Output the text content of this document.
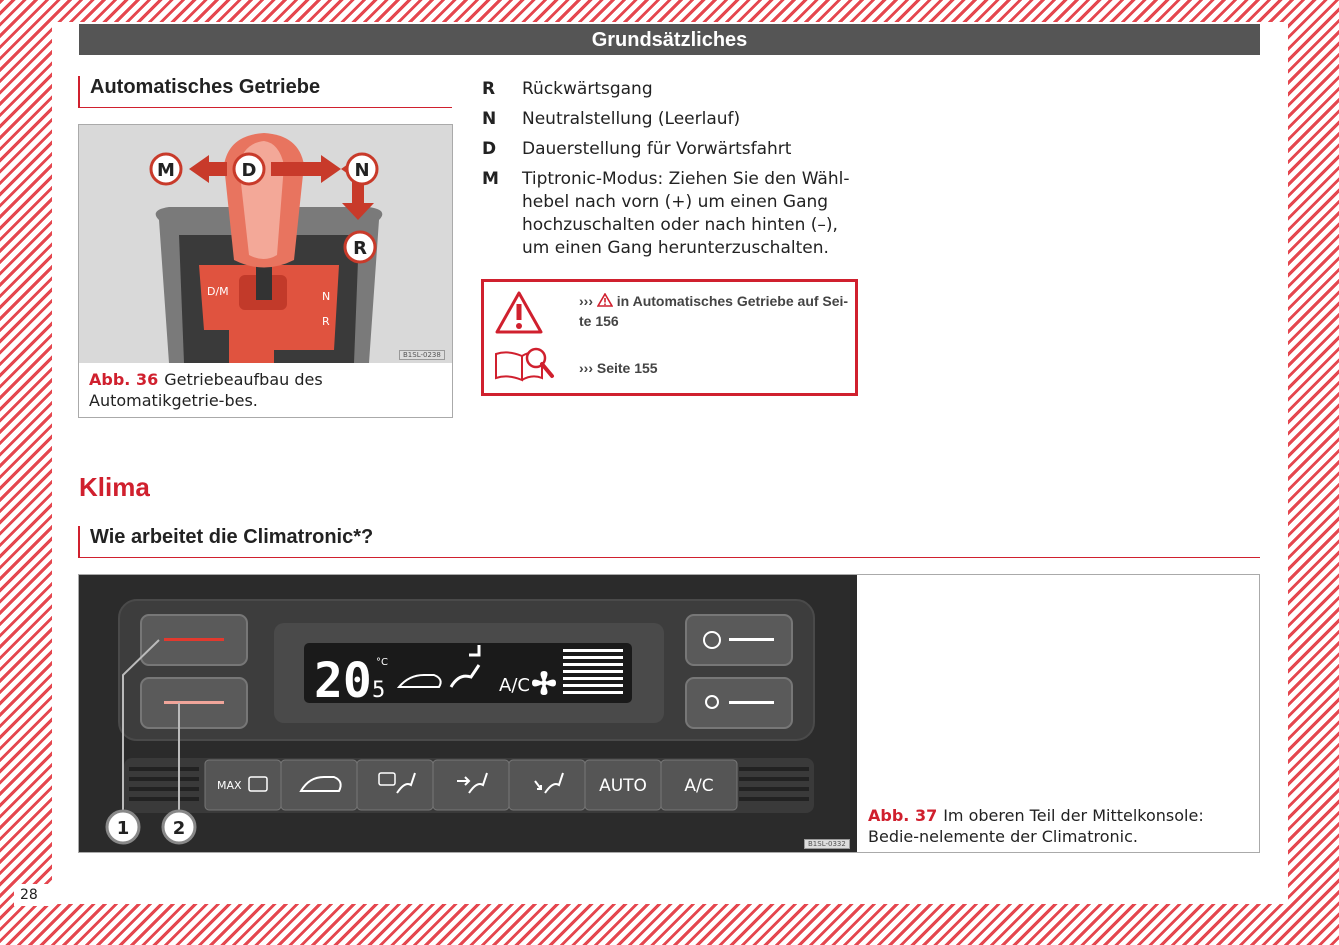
28
Grundsätzliches
Automatisches Getriebe
D/M	N
R
M	D	N
R
B1SL-0238
Abb. 36 Getriebeaufbau des Automatikgetrie-bes.
R	Rückwärtsgang
N	Neutralstellung (Leerlauf)
D	Dauerstellung für Vorwärtsfahrt
M	Tiptronic-Modus: Ziehen Sie den Wähl-hebel nach vorn (+) um einen Gang hochzuschalten oder nach hinten (–), um einen Gang herunterzuschalten.
›››  in Automatisches Getriebe auf Sei-
te 156
››› Seite 155
Klima
Wie arbeitet die Climatronic*?
20 5
°C
A/C
MAX	AUTO A/C
1 2
B1SL-0332
Abb. 37 Im oberen Teil der Mittelkonsole: Bedie-nelemente der Climatronic.
